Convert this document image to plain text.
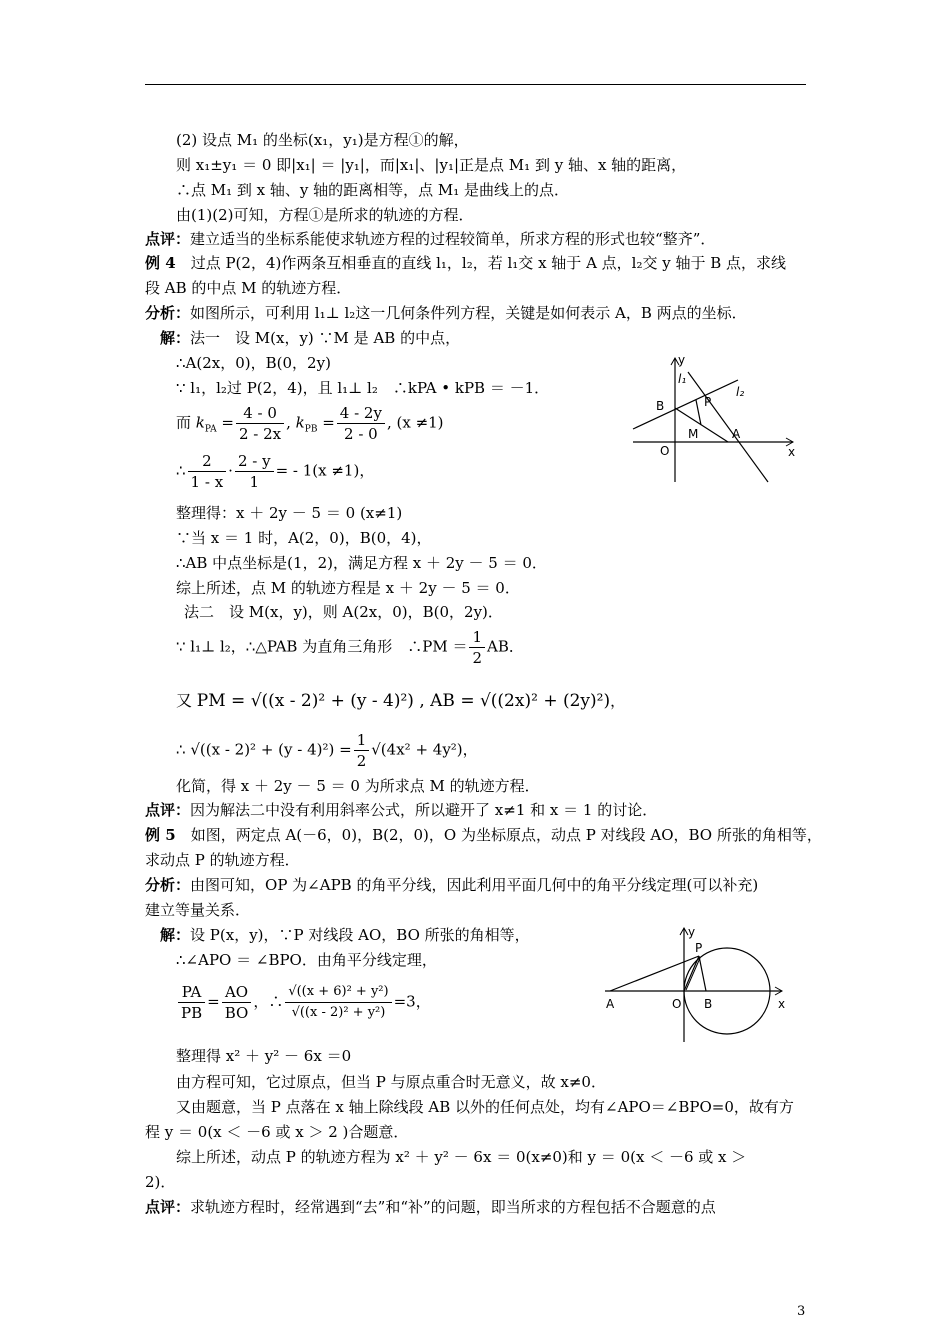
(2) 设点 M₁ 的坐标(x₁，y₁)是方程①的解，
则 x₁±y₁ ＝ 0 即|x₁| ＝ |y₁|，而|x₁|、|y₁|正是点 M₁ 到 y 轴、x 轴的距离，
∴点 M₁ 到 x 轴、y 轴的距离相等，点 M₁ 是曲线上的点．
由(1)(2)可知，方程①是所求的轨迹的方程．
点评：建立适当的坐标系能使求轨迹方程的过程较简单，所求方程的形式也较“整齐”．
例 4　 过点 P(2，4)作两条互相垂直的直线 l₁，l₂，若 l₁交 x 轴于 A 点，l₂交 y 轴于 B 点，求线
段 AB 的中点 M 的轨迹方程．
分析：如图所示，可利用 l₁⊥ l₂这一几何条件列方程，关键是如何表示 A，B 两点的坐标．
解：法一　设 M(x，y) ∵M 是 AB 的中点，
∴A(2x，0)，B(0，2y)
∵ l₁，l₂过 P(2，4)，且 l₁⊥ l₂　∴kPA • kPB ＝ －1．
而 $k_{PA} = \frac{4 - 0}{2 - 2x}$ , $k_{PB} = \frac{4 - 2y}{2 - 0}$ , (x ≠1)
∴ $\frac{2}{1 - x} \cdot \frac{2 - y}{1}$ = - 1(x ≠1)，
整理得：x ＋ 2y － 5 ＝ 0 (x≠1)
∵当 x ＝ 1 时，A(2，0)，B(0，4)，
∴AB 中点坐标是(1，2)，满足方程 x ＋ 2y － 5 ＝ 0．
综上所述，点 M 的轨迹方程是 x ＋ 2y － 5 ＝ 0．
法二　设 M(x，y)，则 A(2x，0)，B(0，2y)．
∵ l₁⊥ l₂，∴△PAB 为直角三角形　∴PM ＝ $\frac{1}{2}$ AB．
又 PM = √((x - 2)² + (y - 4)²) , AB = √((2x)² + (2y)²)，
∴ $√((x - 2)^2 + (y - 4)^2) = \frac{1}{2} √(4x^2 + 4y^2)$，
化简，得 x ＋ 2y － 5 ＝ 0 为所求点 M 的轨迹方程．
点评：因为解法二中没有利用斜率公式，所以避开了 x≠1 和 x ＝ 1 的讨论．
例 5　 如图，两定点 A(－6，0)，B(2，0)，O 为坐标原点，动点 P 对线段 AO，BO 所张的角相等，
求动点 P 的轨迹方程．
分析：由图可知，OP 为∠APB 的角平分线，因此利用平面几何中的角平分线定理(可以补充)
建立等量关系．
解：设 P(x，y)，∵P 对线段 AO，BO 所张的角相等，
∴∠APO ＝ ∠BPO．由角平分线定理，
$\frac{PA}{PB} = \frac{AO}{BO}$ ，∴ $\frac{\text{√((x + 6)² + y²)}}{\text{√((x - 2)² + y²)}} =3$，
整理得 x² ＋ y² － 6x ＝0
由方程可知，它过原点，但当 P 与原点重合时无意义，故 x≠0．
又由题意，当 P 点落在 x 轴上除线段 AB 以外的任何点处，均有∠APO＝∠BPO=0，故有方
程 y ＝ 0(x ＜ －6 或 x ＞ 2 )合题意．
综上所述，动点 P 的轨迹方程为 x² ＋ y² － 6x ＝ 0(x≠0)和 y ＝ 0(x ＜ －6 或 x ＞
2)．
点评：求轨迹方程时，经常遇到“去”和“补”的问题，即当所求的方程包括不合题意的点
y
l₁
l₂
P
B
M	A
O	x
y
P
A	O B	x
3
